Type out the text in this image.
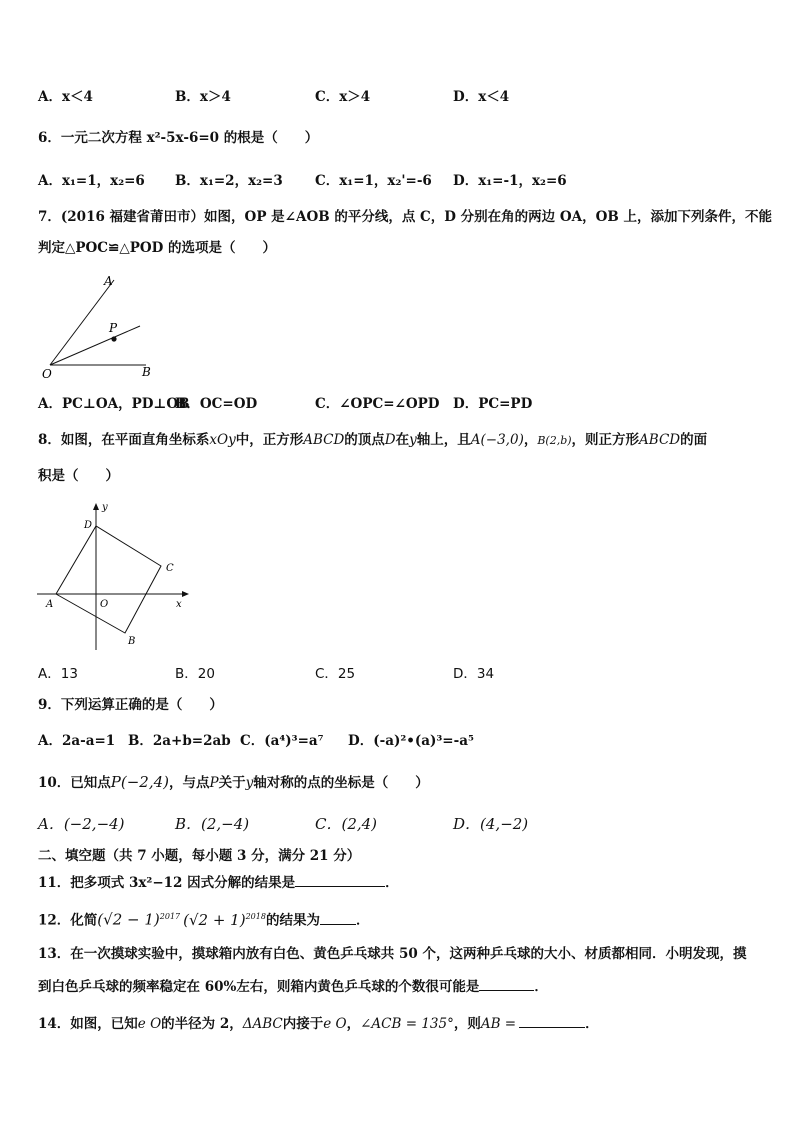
A．x＜4	B．x＞4	C．x＞4	D．x＜4
6．一元二次方程 x²-5x-6=0 的根是（　　）
A．x₁=1，x₂=6 B．x₁=2，x₂=3 C．x₁=1，x₂'=-6 D．x₁=-1，x₂=6
7．(2016 福建省莆田市）如图，OP 是∠AOB 的平分线，点 C，D 分别在角的两边 OA，OB 上，添加下列条件，不能
判定△POC≌△POD 的选项是（　　）
A
P
O	B
A．PC⊥OA，PD⊥OB
B．OC=OD	C．∠OPC=∠OPD D．PC=PD
8．如图，在平面直角坐标系xOy中，正方形ABCD的顶点D在y轴上，且A(−3,0)，B(2,b)，则正方形ABCD的面
积是（　　）
y
D
C
A	O	x
B
A．13	B．20	C．25	D．34
9．下列运算正确的是（　　）
A．2a-a=1 B．2a+b=2ab C．(a⁴)³=a⁷ D．(-a)²•(a)³=-a⁵
10．已知点P(−2,4)，与点P关于y轴对称的点的坐标是（　　）
A．(−2,−4)	B．(2,−4)	C．(2,4)	D．(4,−2)
二、填空题（共 7 小题，每小题 3 分，满分 21 分）
11．把多项式 3x²−12 因式分解的结果是	．
12．化简$(√2 - 1)^{2017}$ $(√2 + 1)^{2018}$的结果为	．
13．在一次摸球实验中，摸球箱内放有白色、黄色乒乓球共 50 个，这两种乒乓球的大小、材质都相同．小明发现，摸
到白色乒乓球的频率稳定在 60%左右，则箱内黄色乒乓球的个数很可能是	．
14．如图，已知e O的半径为 2，ΔABC内接于e O，∠ACB = 135°，则AB =	．
